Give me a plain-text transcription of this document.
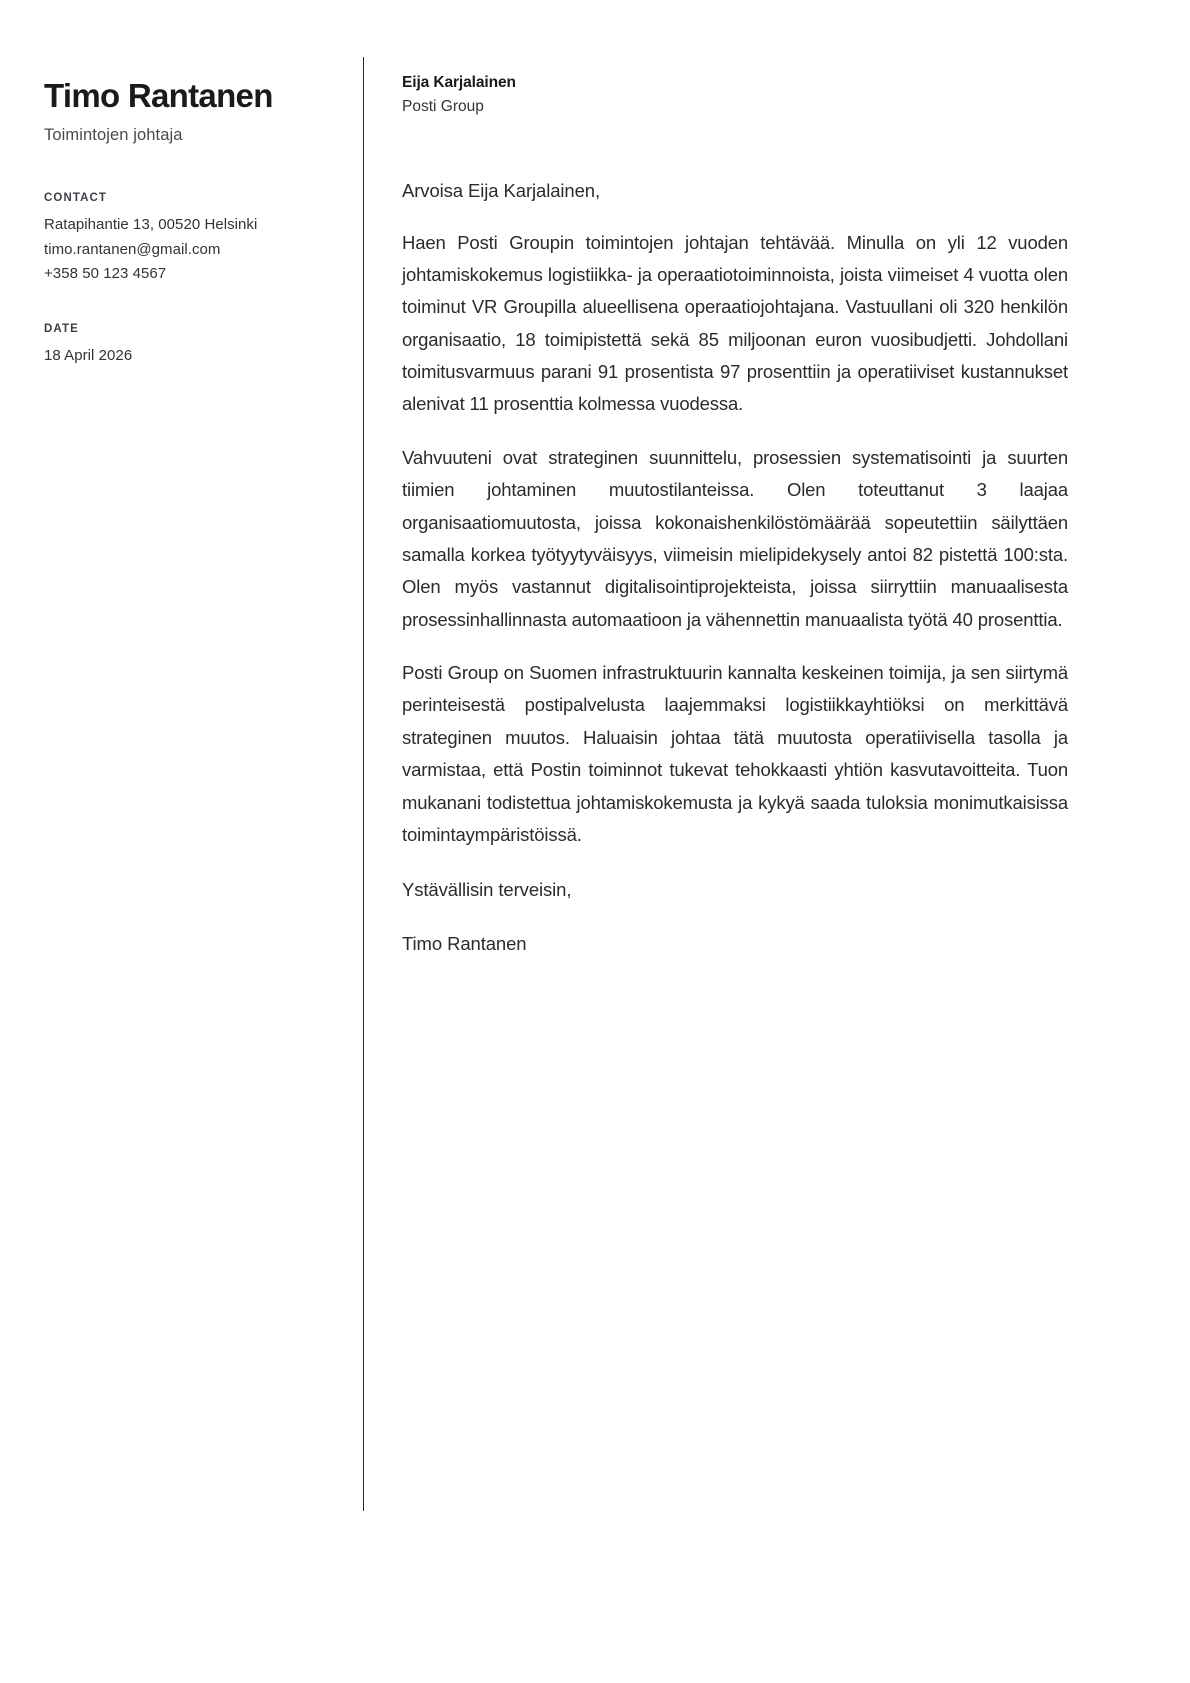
Timo Rantanen
Toimintojen johtaja
CONTACT
Ratapihantie 13, 00520 Helsinki
timo.rantanen@gmail.com
+358 50 123 4567
DATE
18 April 2026
Eija Karjalainen
Posti Group

Arvoisa Eija Karjalainen,

Haen Posti Groupin toimintojen johtajan tehtävää. Minulla on yli 12 vuoden johtamiskokemus logistiikka- ja operaatiotoiminnoista, joista viimeiset 4 vuotta olen toiminut VR Groupilla alueellisena operaatiojohtajana. Vastuullani oli 320 henkilön organisaatio, 18 toimipistettä sekä 85 miljoonan euron vuosibudjetti. Johdollani toimitusvarmuus parani 91 prosentista 97 prosenttiin ja operatiiviset kustannukset alenivat 11 prosenttia kolmessa vuodessa.

Vahvuuteni ovat strateginen suunnittelu, prosessien systematisointi ja suurten tiimien johtaminen muutostilanteissa. Olen toteuttanut 3 laajaa organisaatiomuutosta, joissa kokonaishenkilöstömäärää sopeutettiin säilyttäen samalla korkea työtyytyväisyys, viimeisin mielipidekysely antoi 82 pistettä 100:sta. Olen myös vastannut digitalisointiprojekteista, joissa siirryttiin manuaalisesta prosessinhallinnasta automaatioon ja vähennettin manuaalista työtä 40 prosenttia.

Posti Group on Suomen infrastruktuurin kannalta keskeinen toimija, ja sen siirtymä perinteisestä postipalvelusta laajemmaksi logistiikkayhtiöksi on merkittävä strateginen muutos. Haluaisin johtaa tätä muutosta operatiivisella tasolla ja varmistaa, että Postin toiminnot tukevat tehokkaasti yhtiön kasvutavoitteita. Tuon mukanani todistettua johtamiskokemusta ja kykyä saada tuloksia monimutkaisissa toimintaympäristöissä.

Ystävällisin terveisin,

Timo Rantanen
